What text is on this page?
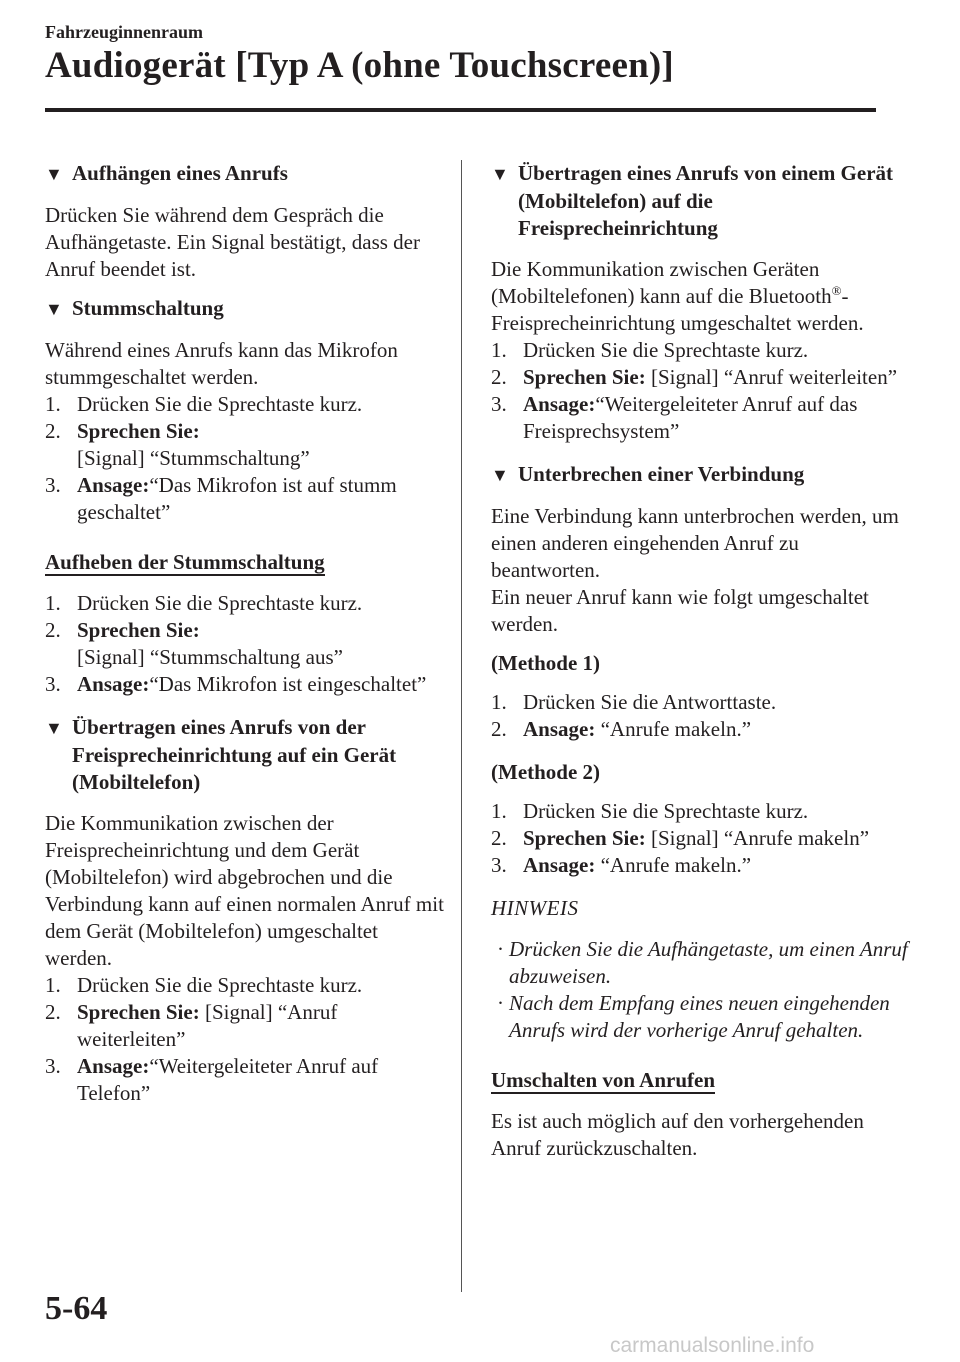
Fahrzeuginnenraum
Audiogerät [Typ A (ohne Touchscreen)]
▼ Aufhängen eines Anrufs

Drücken Sie während dem Gespräch die Aufhängetaste. Ein Signal bestätigt, dass der Anruf beendet ist.

▼ Stummschaltung

Während eines Anrufs kann das Mikrofon stummgeschaltet werden.

1. Drücken Sie die Sprechtaste kurz.

2. Sprechen Sie:
[Signal] “Stummschaltung”

3. Ansage:“Das Mikrofon ist auf stumm geschaltet”

Aufheben der Stummschaltung

1. Drücken Sie die Sprechtaste kurz.

2. Sprechen Sie:
[Signal] “Stummschaltung aus”

3. Ansage:“Das Mikrofon ist eingeschaltet”

▼ Übertragen eines Anrufs von der Freisprecheinrichtung auf ein Gerät (Mobiltelefon)

Die Kommunikation zwischen der Freisprecheinrichtung und dem Gerät (Mobiltelefon) wird abgebrochen und die Verbindung kann auf einen normalen Anruf mit dem Gerät (Mobiltelefon) umgeschaltet werden.

1. Drücken Sie die Sprechtaste kurz.

2. Sprechen Sie: [Signal] “Anruf weiterleiten”

3. Ansage:“Weitergeleiteter Anruf auf Telefon”

▼ Übertragen eines Anrufs von einem Gerät (Mobiltelefon) auf die Freisprecheinrichtung

Die Kommunikation zwischen Geräten (Mobiltelefonen) kann auf die Bluetooth®-Freisprecheinrichtung umgeschaltet werden.

1. Drücken Sie die Sprechtaste kurz.

2. Sprechen Sie: [Signal] “Anruf weiterleiten”

3. Ansage:“Weitergeleiteter Anruf auf das Freisprechsystem”

▼ Unterbrechen einer Verbindung

Eine Verbindung kann unterbrochen werden, um einen anderen eingehenden Anruf zu beantworten.

Ein neuer Anruf kann wie folgt umgeschaltet werden.

(Methode 1)

1. Drücken Sie die Antworttaste.

2. Ansage: “Anrufe makeln.”

(Methode 2)

1. Drücken Sie die Sprechtaste kurz.

2. Sprechen Sie: [Signal] “Anrufe makeln”

3. Ansage: “Anrufe makeln.”

HINWEIS

· Drücken Sie die Aufhängetaste, um einen Anruf abzuweisen.

· Nach dem Empfang eines neuen eingehenden Anrufs wird der vorherige Anruf gehalten.

Umschalten von Anrufen

Es ist auch möglich auf den vorhergehenden Anruf zurückzuschalten.

5-64
carmanualsonline.info
